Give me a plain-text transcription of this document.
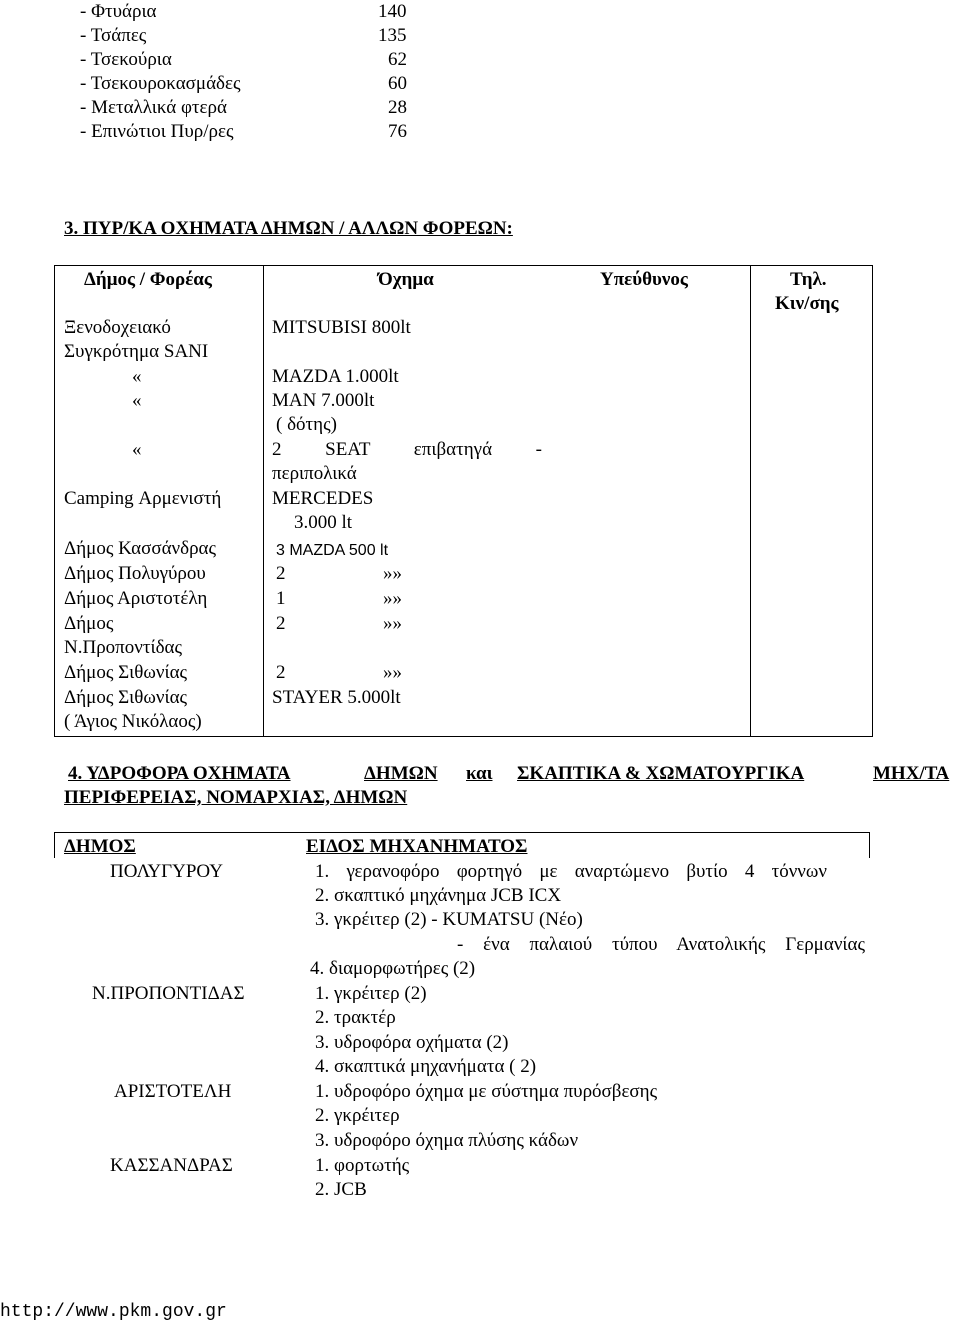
- Φτυάρια	140
- Τσάπες	135
- Τσεκούρια	62
- Τσεκουροκασμάδες	60
- Μεταλλικά φτερά	28
- Επινώτιοι Πυρ/ρες	76
3. ΠΥΡ/ΚΑ ΟΧΗΜΑΤΑ ΔΗΜΩΝ / ΑΛΛΩΝ ΦΟΡΕΩΝ:
Δήμος / Φορέας	Όχημα	Υπεύθυνος	Τηλ.
Κιν/σης
Ξενοδοχειακό	MITSUBISI 800lt
Συγκρότημα SANI
«	MAZDA 1.000lt
«	MAN 7.000lt
( δότης)
«	2 SEAT επιβατηγά -
περιπολικά
Camping Αρμενιστή	MERCEDES
3.000 lt
Δήμος Κασσάνδρας	3 MAZDA 500 lt
Δήμος Πολυγύρου	2 »»
Δήμος Αριστοτέλη	1 »»
Δήμος	2 »»
Ν.Προποντίδας
Δήμος Σιθωνίας	2 »»
Δήμος Σιθωνίας	STAYER 5.000lt
( Άγιος Νικόλαος)
4. ΥΔΡΟΦΟΡΑ ΟΧΗΜΑΤΑ	ΔΗΜΩΝ και ΣΚΑΠΤΙΚΑ & ΧΩΜΑΤΟΥΡΓΙΚΑ	ΜΗΧ/ΤΑ
ΠΕΡΙΦΕΡΕΙΑΣ, ΝΟΜΑΡΧΙΑΣ, ΔΗΜΩΝ
ΔΗΜΟΣ	ΕΙΔΟΣ ΜΗΧΑΝΗΜΑΤΟΣ
ΠΟΛΥΓΥΡΟΥ	1. γερανοφόρο φορτηγό με αναρτώμενο βυτίο 4 τόννων
2. σκαπτικό μηχάνημα JCB ICX
3. γκρέιτερ (2) - KUMATSU (Νέο)
- ένα παλαιού τύπου Ανατολικής Γερμανίας
4. διαμορφωτήρες (2)
Ν.ΠΡΟΠΟΝΤΙΔΑΣ	1. γκρέιτερ (2)
2. τρακτέρ
3. υδροφόρα οχήματα (2)
4. σκαπτικά μηχανήματα ( 2)
ΑΡΙΣΤΟΤΕΛΗ	1. υδροφόρο όχημα με σύστημα πυρόσβεσης
2. γκρέιτερ
3. υδροφόρο όχημα πλύσης κάδων
ΚΑΣΣΑΝΔΡΑΣ	1. φορτωτής
2. JCB
http://www.pkm.gov.gr
